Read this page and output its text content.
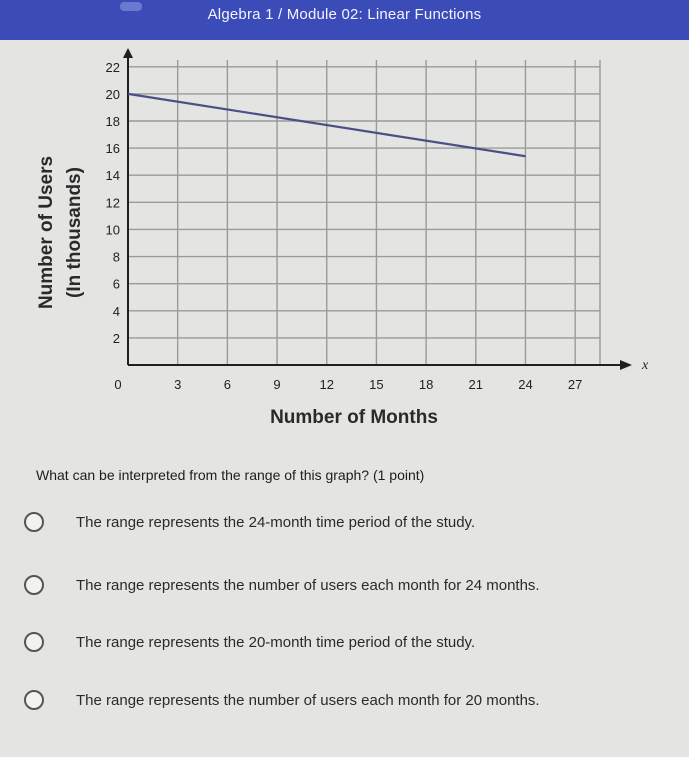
Algebra 1 / Module 02: Linear Functions
2
4
6
8
10
12
14
16
18
20
22
0	3	6	9	12	15	18	21	24	27
Number of Users (In thousands)
Number of Months
x
What can be interpreted from the range of this graph? (1 point)
The range represents the 24-month time period of the study.
The range represents the number of users each month for 24 months.
The range represents the 20-month time period of the study.
The range represents the number of users each month for 20 months.
